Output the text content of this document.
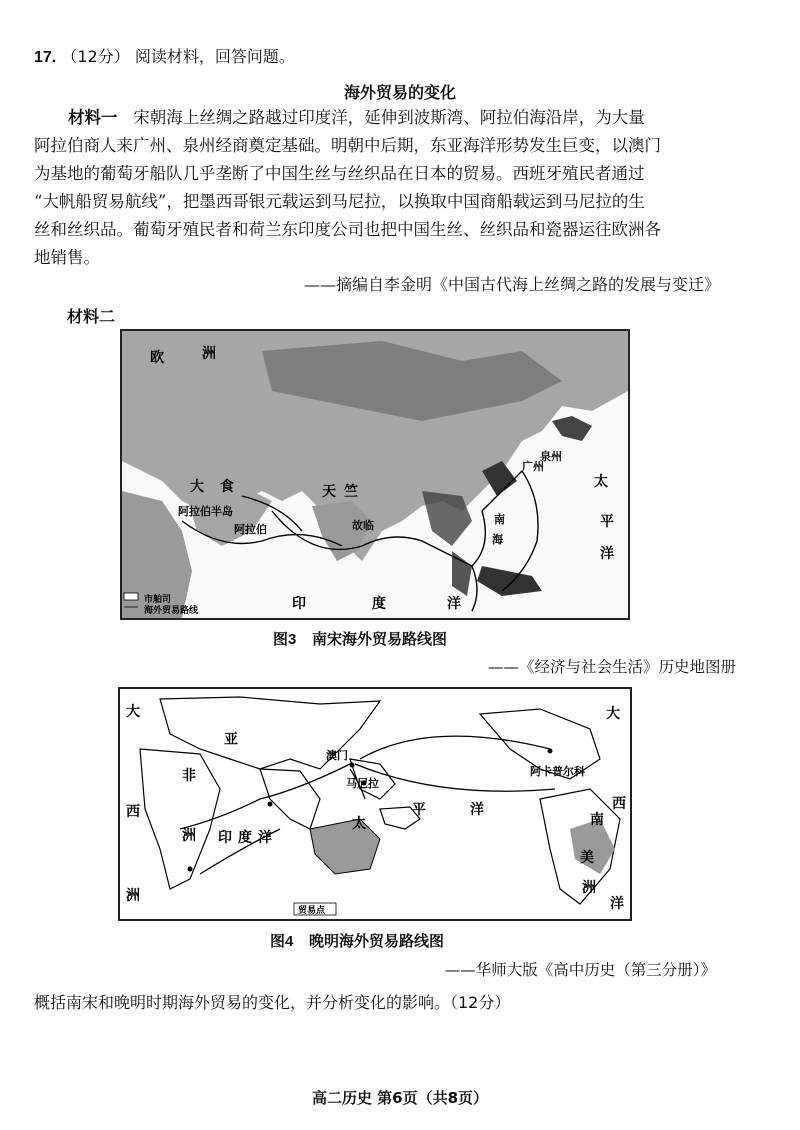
17. （12分） 阅读材料，回答问题。
海外贸易的变化
材料一 宋朝海上丝绸之路越过印度洋，延伸到波斯湾、阿拉伯海沿岸，为大量
阿拉伯商人来广州、泉州经商奠定基础。明朝中后期，东亚海洋形势发生巨变，以澳门
为基地的葡萄牙船队几乎垄断了中国生丝与丝织品在日本的贸易。西班牙殖民者通过
“大帆船贸易航线”，把墨西哥银元载运到马尼拉，以换取中国商船载运到马尼拉的生
丝和丝织品。葡萄牙殖民者和荷兰东印度公司也把中国生丝、丝织品和瓷器运往欧洲各
地销售。
——摘编自李金明《中国古代海上丝绸之路的发展与变迁》
材料二
欧	洲
大 食
阿拉伯半岛
阿拉伯
天 竺
故临
印	度	洋
广州
泉州
太
平
洋
南
海
市舶司
海外贸易路线
图3 南宋海外贸易路线图
——《经济与社会生活》历史地图册
大
亚
非
西
洲 印 度 洋
太
平	洋
澳门
马尼拉
阿卡普尔科
南
美
洲
大
西
洋
洲
贸易点
图4 晚明海外贸易路线图
——华师大版《高中历史（第三分册）》
概括南宋和晚明时期海外贸易的变化，并分析变化的影响。（12分）
高二历史 第6页（共8页）
